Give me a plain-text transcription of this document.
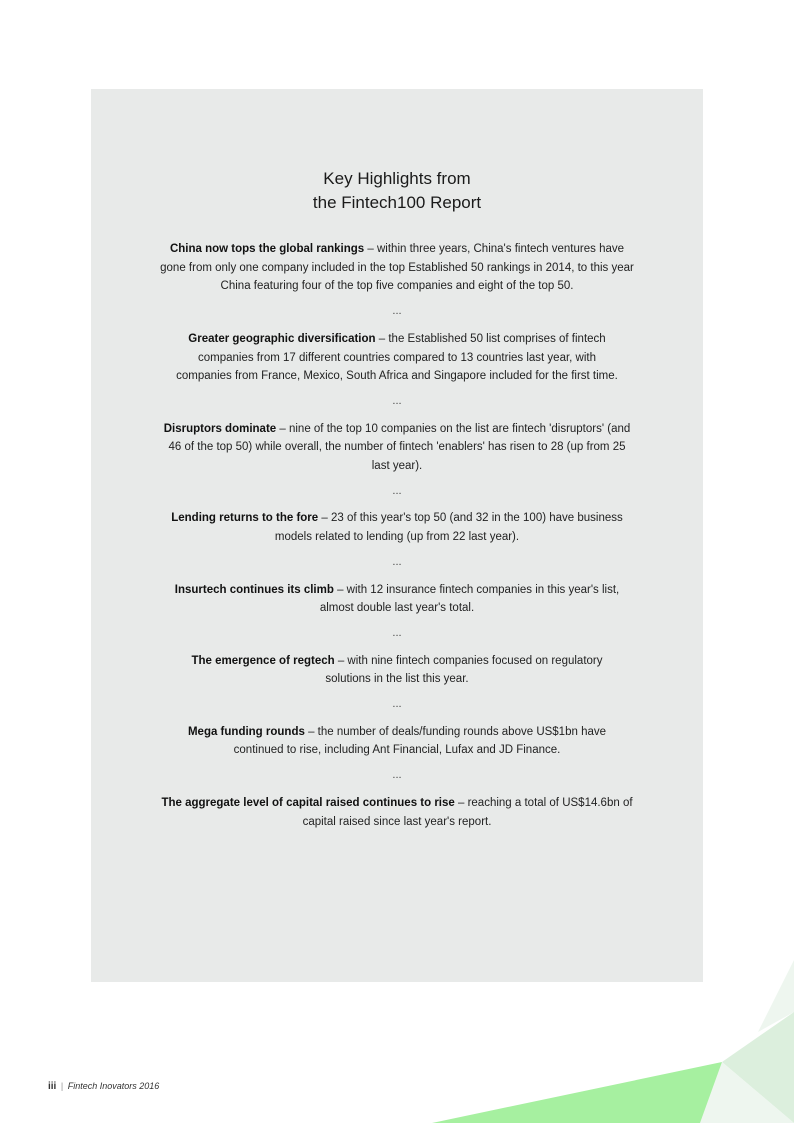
Key Highlights from
the Fintech100 Report

China now tops the global rankings – within three years, China's fintech ventures have gone from only one company included in the top Established 50 rankings in 2014, to this year China featuring four of the top five companies and eight of the top 50.

...

Greater geographic diversification – the Established 50 list comprises of fintech companies from 17 different countries compared to 13 countries last year, with companies from France, Mexico, South Africa and Singapore included for the first time.

...

Disruptors dominate – nine of the top 10 companies on the list are fintech 'disruptors' (and 46 of the top 50) while overall, the number of fintech 'enablers' has risen to 28 (up from 25 last year).

...

Lending returns to the fore – 23 of this year's top 50 (and 32 in the 100) have business models related to lending (up from 22 last year).

...

Insurtech continues its climb – with 12 insurance fintech companies in this year's list, almost double last year's total.

...

The emergence of regtech – with nine fintech companies focused on regulatory solutions in the list this year.

...

Mega funding rounds – the number of deals/funding rounds above US$1bn have continued to rise, including Ant Financial, Lufax and JD Finance.

...

The aggregate level of capital raised continues to rise – reaching a total of US$14.6bn of capital raised since last year's report.

iii | Fintech Inovators 2016
